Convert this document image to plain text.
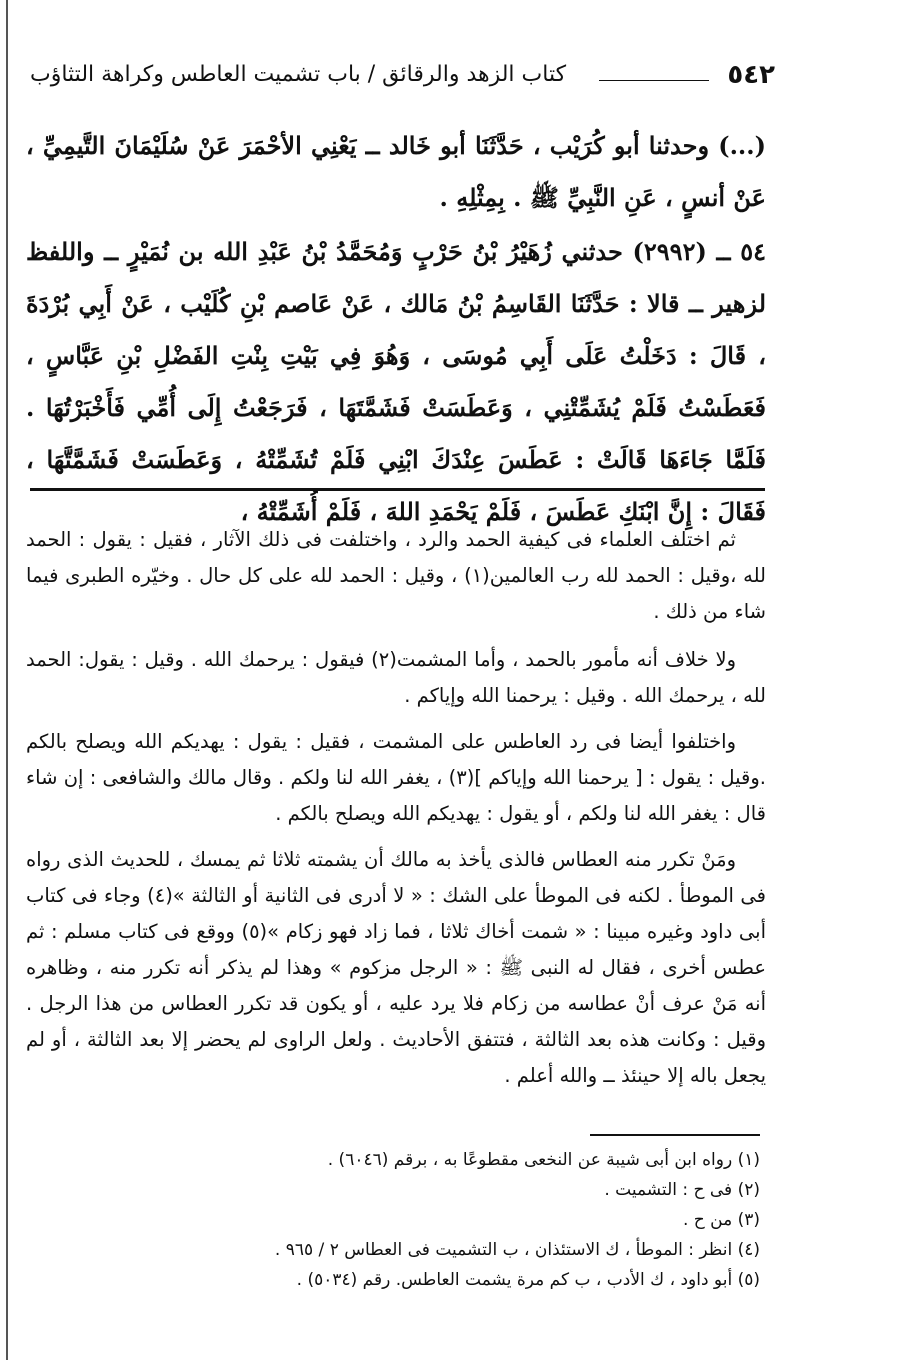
٥٤٢
كتاب الزهد والرقائق / باب تشميت العاطس وكراهة التثاؤب

(...) وحدثنا أبو كُرَيْب ، حَدَّثَنَا أبو خَالد ــ يَعْنِي الأحْمَرَ عَنْ سُلَيْمَانَ التَّيمِيِّ ، عَنْ أنسٍ ، عَنِ النَّبِيِّ ﷺ . بِمِثْلِهِ .

٥٤ ــ (٢٩٩٢) حدثني زُهَيْرُ بْنُ حَرْبٍ وَمُحَمَّدُ بْنُ عَبْدِ الله بن نُمَيْرٍ ــ واللفظ لزهير ــ قالا : حَدَّثَنَا القَاسِمُ بْنُ مَالك ، عَنْ عَاصم بْنِ كُلَيْب ، عَنْ أَبِي بُرْدَةَ ، قَالَ : دَخَلْتُ عَلَى أَبِي مُوسَى ، وَهُوَ فِي بَيْتِ بِنْتِ الفَضْلِ بْنِ عَبَّاسٍ ، فَعَطَسْتُ فَلَمْ يُشَمِّتْنِي ، وَعَطَسَتْ فَشَمَّتَهَا ، فَرَجَعْتُ إِلَى أُمِّي فَأَخْبَرْتُهَا . فَلَمَّا جَاءَهَا قَالَتْ : عَطَسَ عِنْدَكَ ابْنِي فَلَمْ تُشَمِّتْهُ ، وَعَطَسَتْ فَشَمَّتَّهَا ، فَقَالَ : إِنَّ ابْنَكِ عَطَسَ ، فَلَمْ يَحْمَدِ اللهَ ، فَلَمْ أُشَمِّتْهُ ،

ثم اختلف العلماء فى كيفية الحمد والرد ، واختلفت فى ذلك الآثار ، فقيل : يقول : الحمد لله ،وقيل : الحمد لله رب العالمين(١) ، وقيل : الحمد لله على كل حال . وخيّره الطبرى فيما شاء من ذلك .

ولا خلاف أنه مأمور بالحمد ، وأما المشمت(٢) فيقول : يرحمك الله . وقيل : يقول: الحمد لله ، يرحمك الله . وقيل : يرحمنا الله وإياكم .

واختلفوا أيضا فى رد العاطس على المشمت ، فقيل : يقول : يهديكم الله ويصلح بالكم .وقيل : يقول : [ يرحمنا الله وإياكم ](٣) ، يغفر الله لنا ولكم . وقال مالك والشافعى : إن شاء قال : يغفر الله لنا ولكم ، أو يقول : يهديكم الله ويصلح بالكم .

ومَنْ تكرر منه العطاس فالذى يأخذ به مالك أن يشمته ثلاثا ثم يمسك ، للحديث الذى رواه فى الموطأ . لكنه فى الموطأ على الشك : « لا أدرى فى الثانية أو الثالثة »(٤) وجاء فى كتاب أبى داود وغيره مبينا : « شمت أخاك ثلاثا ، فما زاد فهو زكام »(٥) ووقع فى كتاب مسلم : ثم عطس أخرى ، فقال له النبى ﷺ : « الرجل مزكوم » وهذا لم يذكر أنه تكرر منه ، وظاهره أنه مَنْ عرف أنْ عطاسه من زكام فلا يرد عليه ، أو يكون قد تكرر العطاس من هذا الرجل . وقيل : وكانت هذه بعد الثالثة ، فتتفق الأحاديث . ولعل الراوى لم يحضر إلا بعد الثالثة ، أو لم يجعل باله إلا حينئذ ــ والله أعلم .

(١) رواه ابن أبى شيبة عن النخعى مقطوعًا به ، برقم (٦٠٤٦) .
(٢) فى ح : التشميت .
(٣) من ح .
(٤) انظر : الموطأ ، ك الاستئذان ، ب التشميت فى العطاس ٢ / ٩٦٥ .
(٥) أبو داود ، ك الأدب ، ب كم مرة يشمت العاطس. رقم (٥٠٣٤) .
